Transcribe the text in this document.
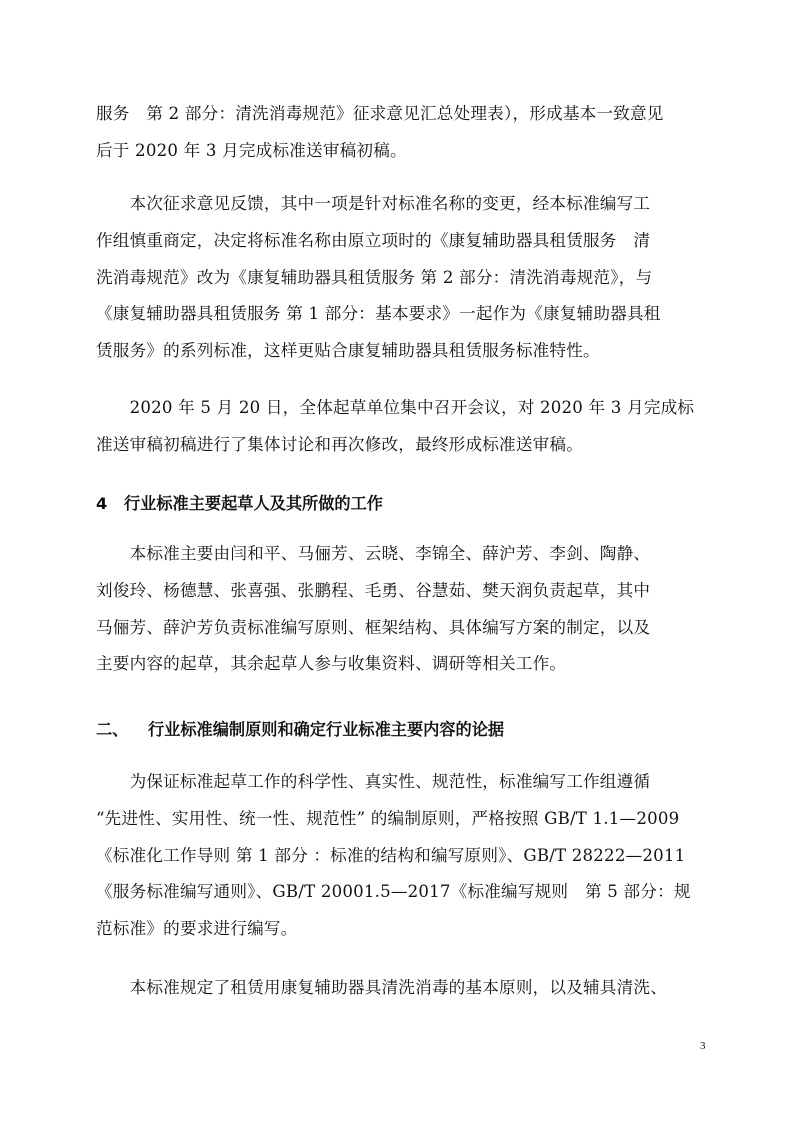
服务　第 2 部分：清洗消毒规范》征求意见汇总处理表），形成基本一致意见
后于 2020 年 3 月完成标准送审稿初稿。
　　本次征求意见反馈，其中一项是针对标准名称的变更，经本标准编写工
作组慎重商定，决定将标准名称由原立项时的《康复辅助器具租赁服务　清
洗消毒规范》改为《康复辅助器具租赁服务 第 2 部分：清洗消毒规范》，与
《康复辅助器具租赁服务 第 1 部分：基本要求》一起作为《康复辅助器具租
赁服务》的系列标准，这样更贴合康复辅助器具租赁服务标准特性。
　　2020 年 5 月 20 日，全体起草单位集中召开会议，对 2020 年 3 月完成标
准送审稿初稿进行了集体讨论和再次修改，最终形成标准送审稿。
4 行业标准主要起草人及其所做的工作
　　本标准主要由闫和平、马俪芳、云晓、李锦全、薛沪芳、李剑、陶静、
刘俊玲、杨德慧、张喜强、张鹏程、毛勇、谷慧茹、樊天润负责起草，其中
马俪芳、薛沪芳负责标准编写原则、框架结构、具体编写方案的制定，以及
主要内容的起草，其余起草人参与收集资料、调研等相关工作。
二、 行业标准编制原则和确定行业标准主要内容的论据
　　为保证标准起草工作的科学性、真实性、规范性，标准编写工作组遵循
“先进性、实用性、统一性、规范性” 的编制原则，严格按照 GB/T 1.1—2009
《标准化工作导则 第 1 部分 ：标准的结构和编写原则》、GB/T 28222—2011
《服务标准编写通则》、GB/T 20001.5—2017《标准编写规则　第 5 部分：规
范标准》的要求进行编写。
　　本标准规定了租赁用康复辅助器具清洗消毒的基本原则，以及辅具清洗、
3
